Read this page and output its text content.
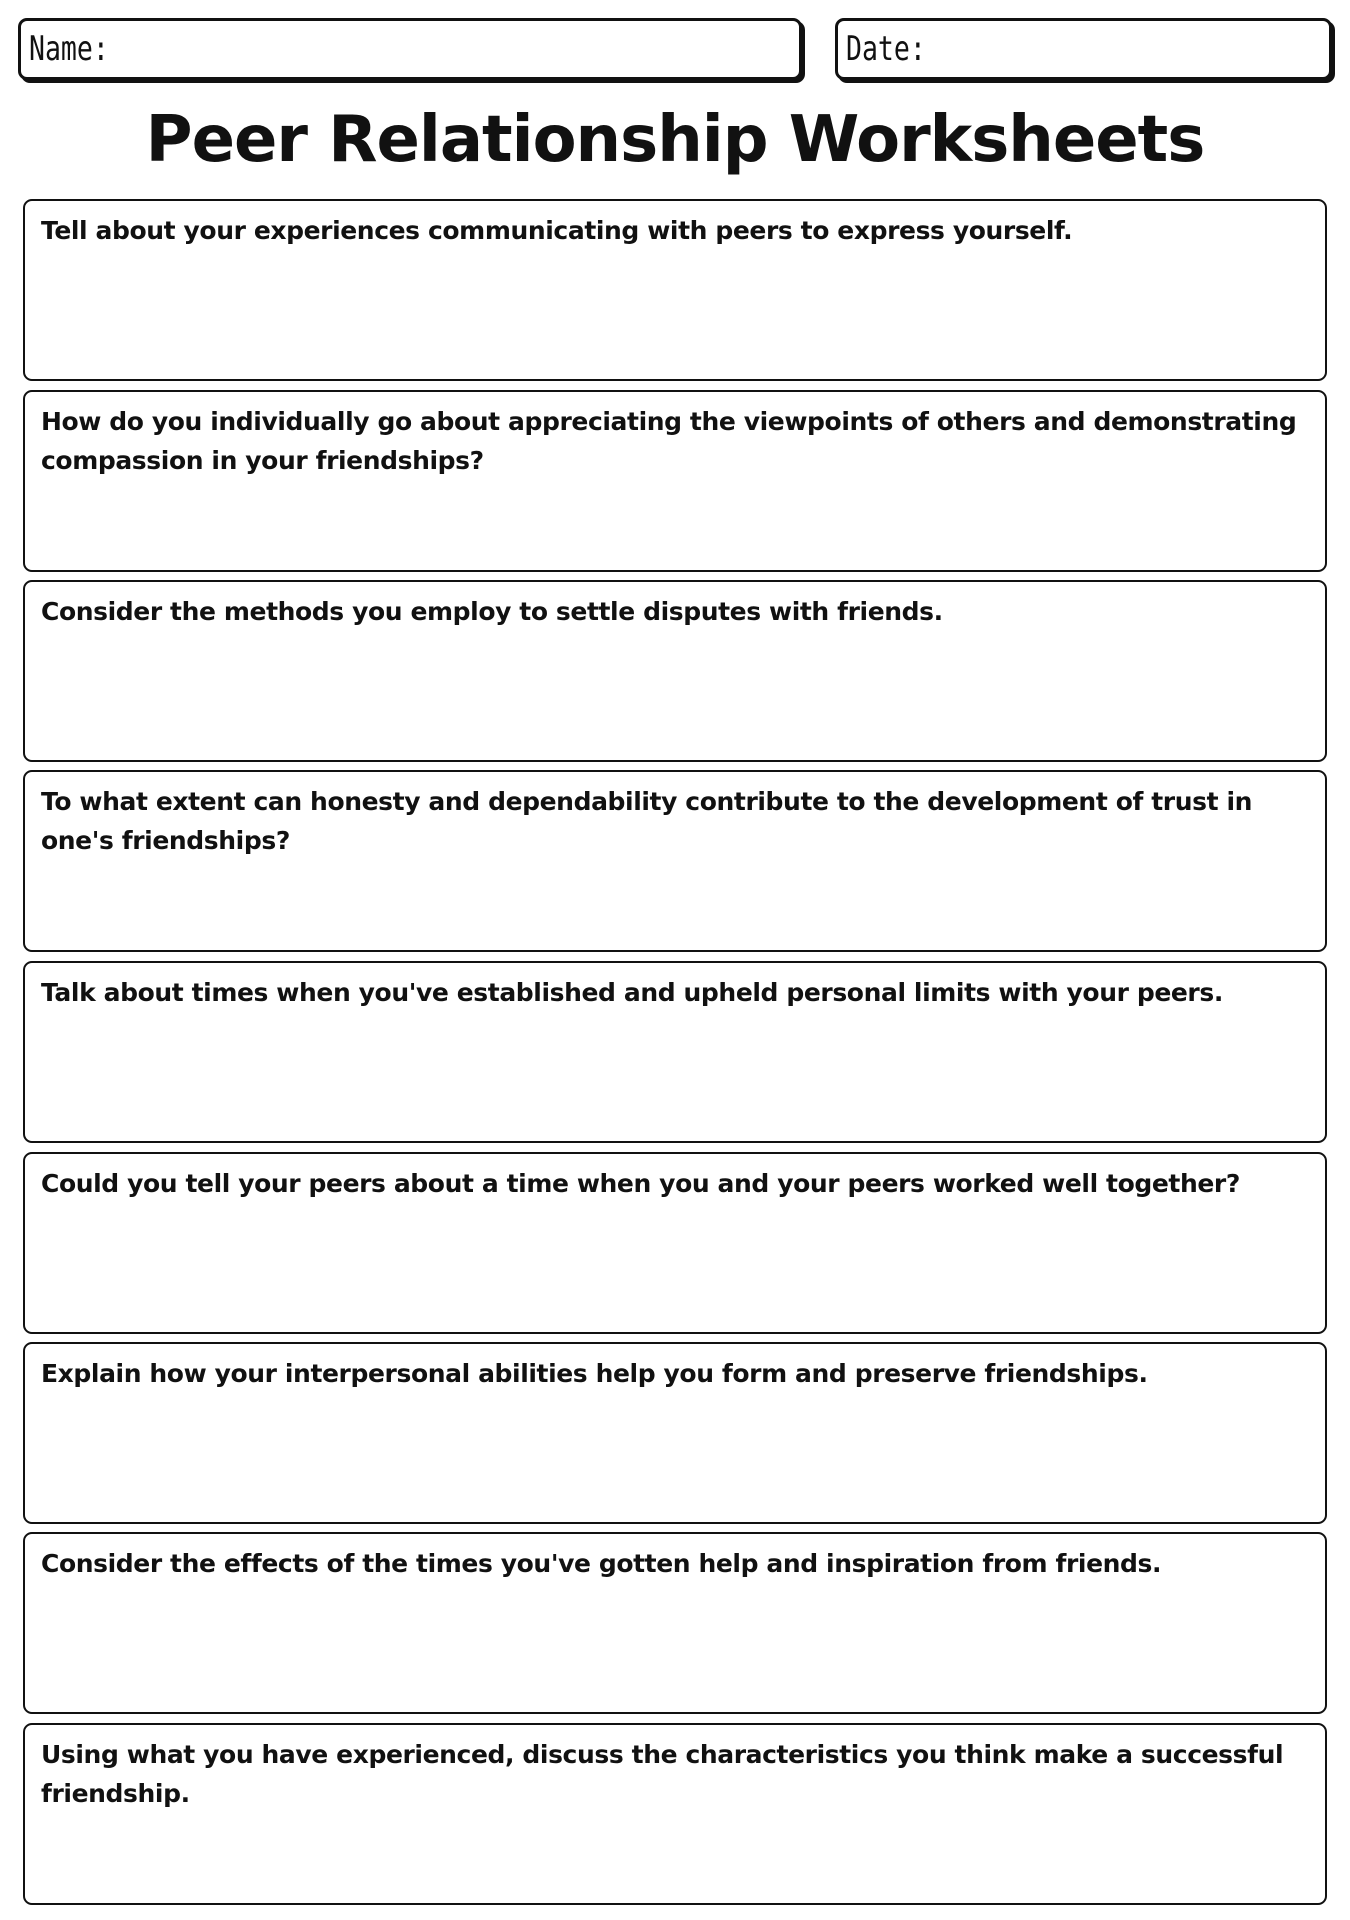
Name:	Date:
Peer Relationship Worksheets

Tell about your experiences communicating with peers to express yourself.

How do you individually go about appreciating the viewpoints of others and demonstrating compassion in your friendships?

Consider the methods you employ to settle disputes with friends.

To what extent can honesty and dependability contribute to the development of trust in one's friendships?

Talk about times when you've established and upheld personal limits with your peers.

Could you tell your peers about a time when you and your peers worked well together?

Explain how your interpersonal abilities help you form and preserve friendships.

Consider the effects of the times you've gotten help and inspiration from friends.

Using what you have experienced, discuss the characteristics you think make a successful friendship.
